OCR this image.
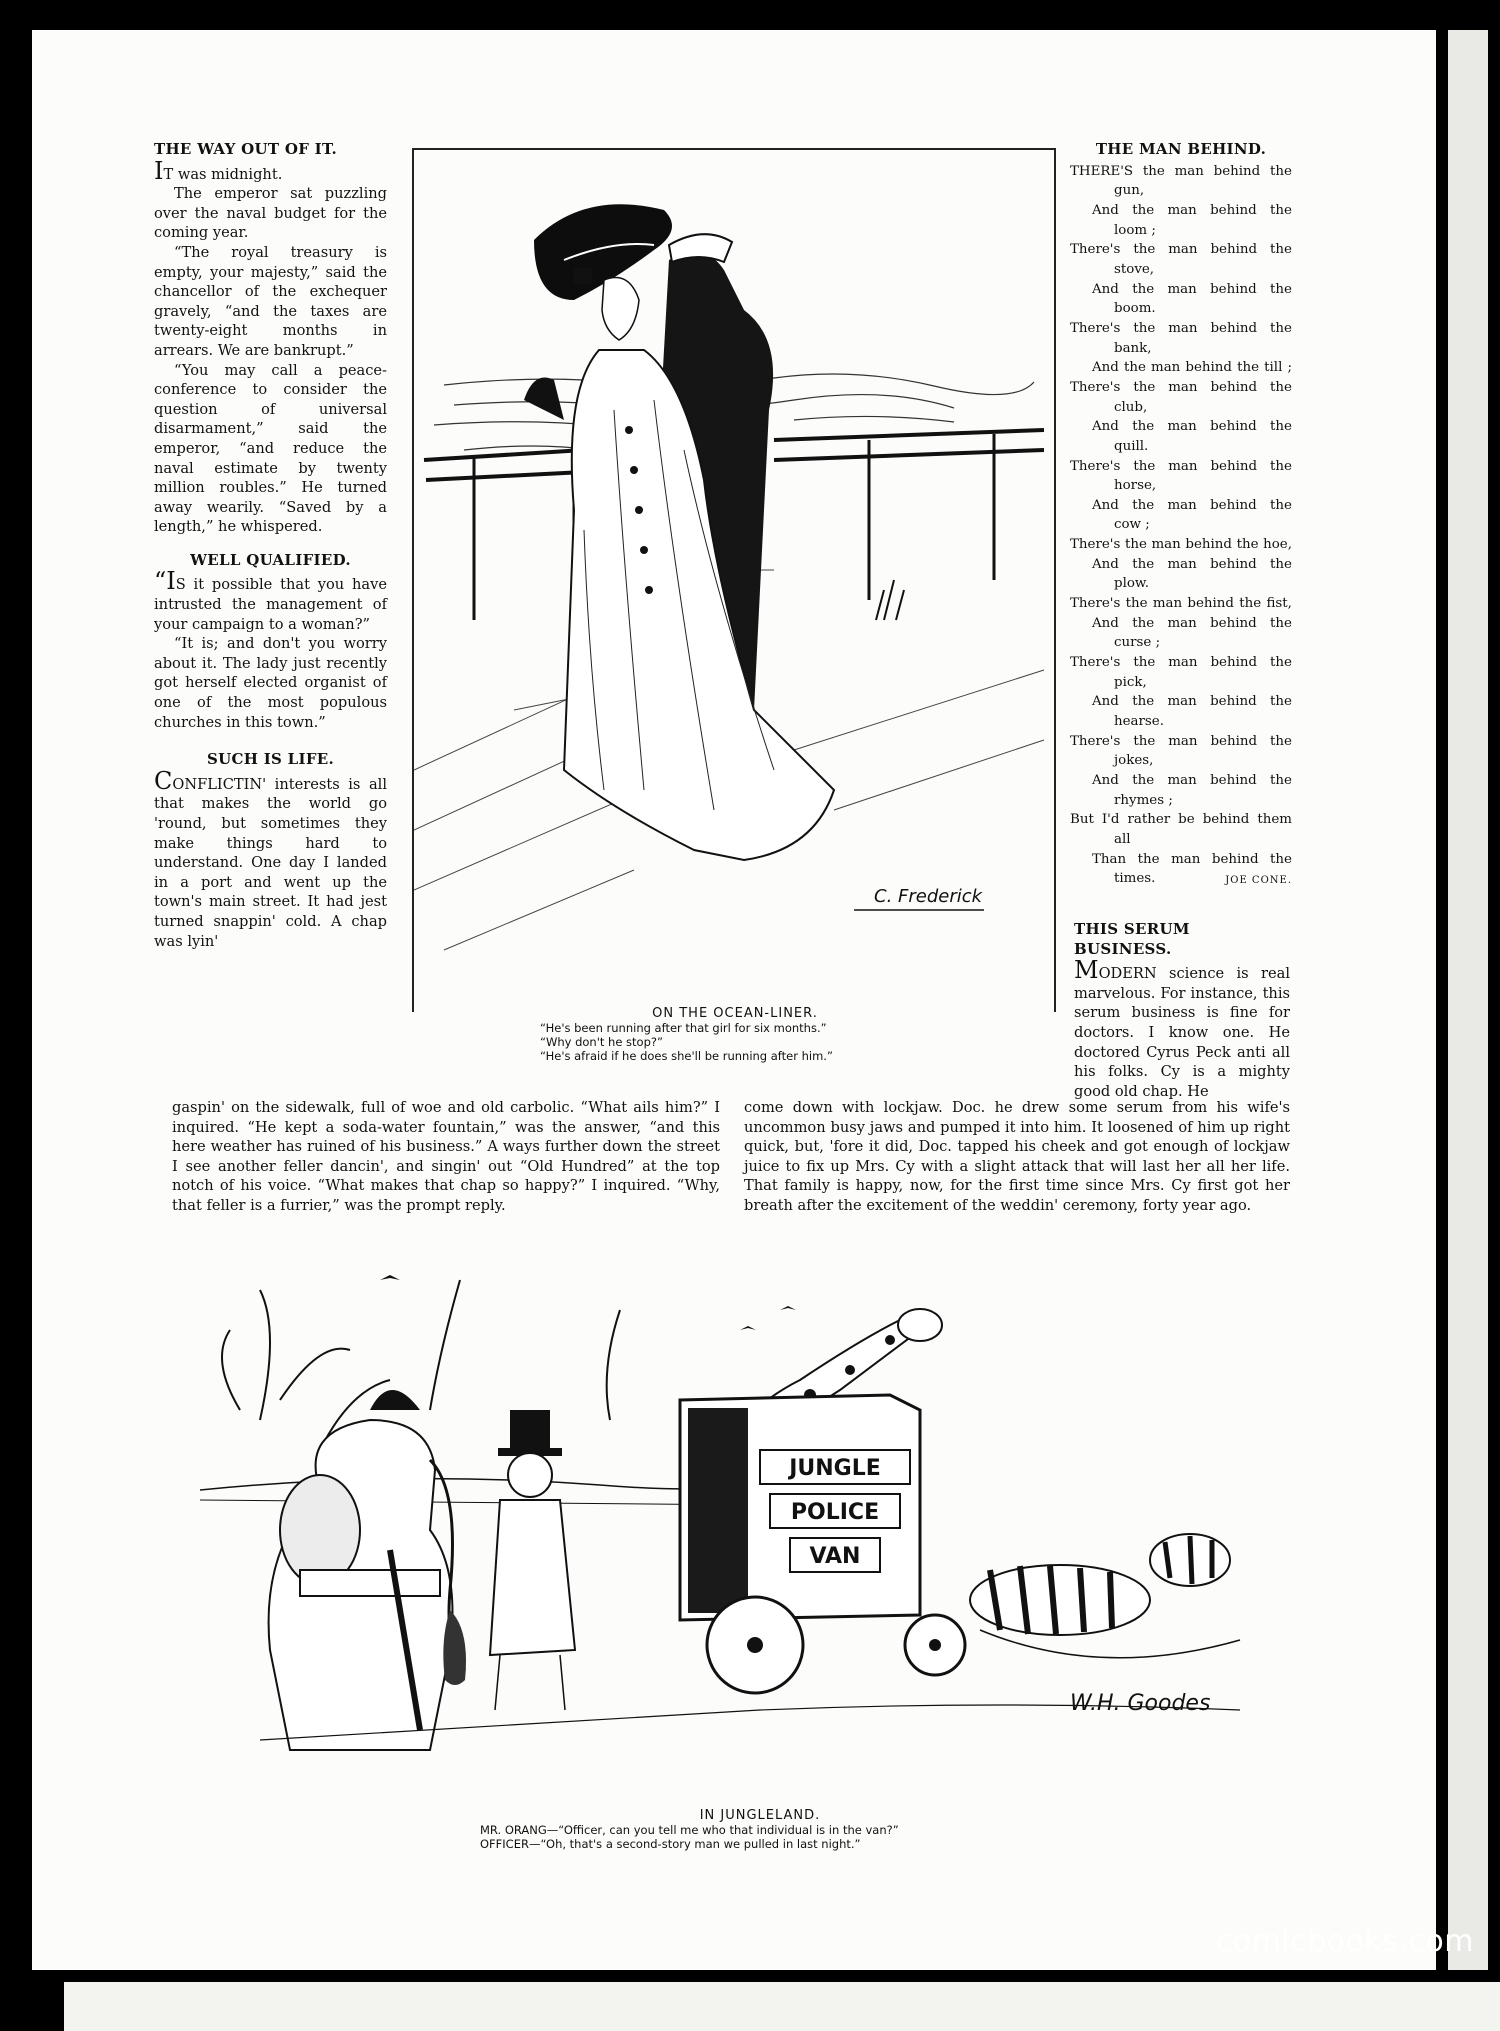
comicbooks.com
THE WAY OUT OF IT.

IT was midnight.

The emperor sat puzzling over the naval budget for the coming year.

“The royal treasury is empty, your majesty,” said the chancellor of the exchequer gravely, “and the taxes are twenty-eight months in arrears. We are bankrupt.”

“You may call a peace-conference to consider the question of universal disarmament,” said the emperor, “and reduce the naval estimate by twenty million roubles.” He turned away wearily. “Saved by a length,” he whispered.

WELL QUALIFIED.

“IS it possible that you have intrusted the management of your campaign to a woman?”

“It is; and don't you worry about it. The lady just recently got herself elected organist of one of the most populous churches in this town.”

SUCH IS LIFE.

CONFLICTIN' interests is all that makes the world go 'round, but sometimes they make things hard to understand. One day I landed in a port and went up the town's main street. It had jest turned snappin' cold. A chap was lyin'

gaspin' on the sidewalk, full of woe and old carbolic. “What ails him?” I inquired. “He kept a soda-water fountain,” was the answer, “and this here weather has ruined of his business.” A ways further down the street I see another feller dancin', and singin' out “Old Hundred” at the top notch of his voice. “What makes that chap so happy?” I inquired. “Why, that feller is a furrier,” was the prompt reply.

C. Frederick
ON THE OCEAN-LINER.
“He's been running after that girl for six months.”
“Why don't he stop?”
“He's afraid if he does she'll be running after him.”
THE MAN BEHIND.
THERE'S the man behind the
gun,
And the man behind the
loom ;
There's the man behind the
stove,
And the man behind the
boom.
There's the man behind the
bank,
And the man behind the till ;
There's the man behind the
club,
And the man behind the
quill.
There's the man behind the
horse,
And the man behind the
cow ;
There's the man behind the hoe,
And the man behind the
plow.
There's the man behind the fist,
And the man behind the
curse ;
There's the man behind the
pick,
And the man behind the
hearse.
There's the man behind the
jokes,
And the man behind the
rhymes ;
But I'd rather be behind them
all
Than the man behind the
times.	JOE CONE.
THIS SERUM BUSINESS.

MODERN science is real marvelous. For instance, this serum business is fine for doctors. I know one. He doctored Cyrus Peck anti all his folks. Cy is a mighty good old chap. He

come down with lockjaw. Doc. he drew some serum from his wife's uncommon busy jaws and pumped it into him. It loosened of him up right quick, but, 'fore it did, Doc. tapped his cheek and got enough of lockjaw juice to fix up Mrs. Cy with a slight attack that will last her all her life. That family is happy, now, for the first time since Mrs. Cy first got her breath after the excitement of the weddin' ceremony, forty year ago.

JUNGLE
POLICE
VAN
W.H. Goodes
IN JUNGLELAND.
MR. ORANG—“Officer, can you tell me who that individual is in the van?”
OFFICER—“Oh, that's a second-story man we pulled in last night.”
